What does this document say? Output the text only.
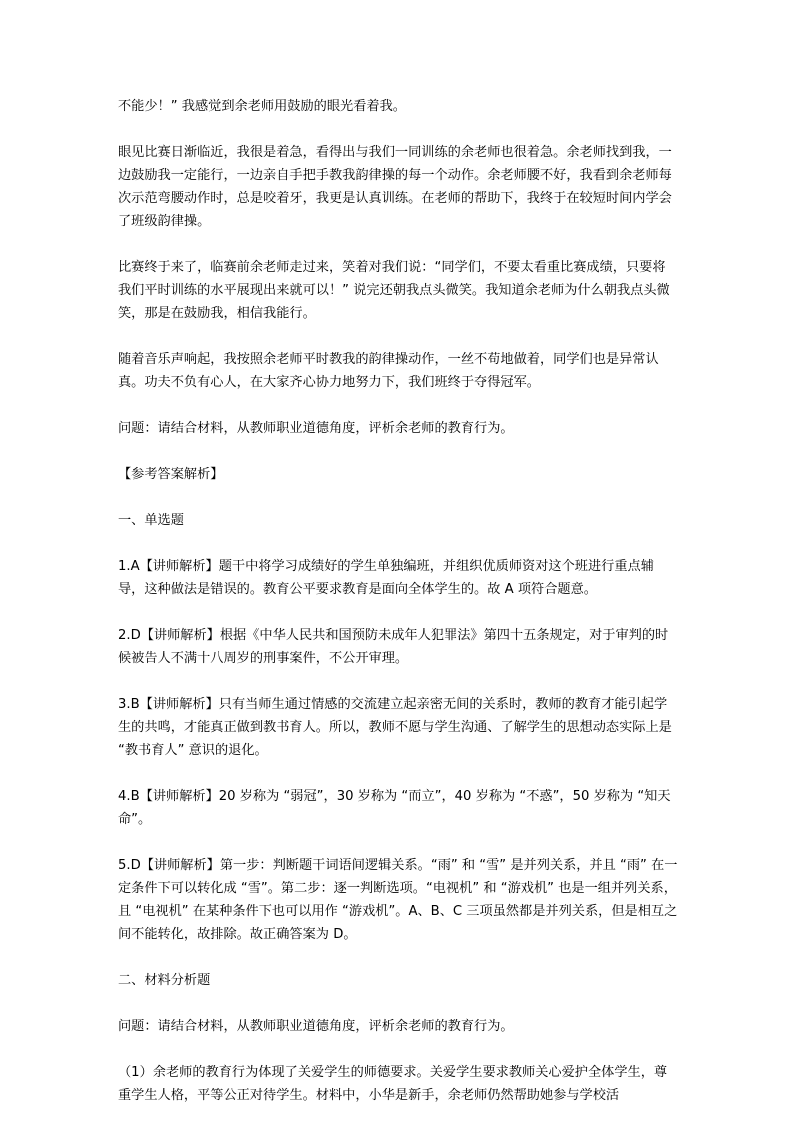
不能少！” 我感觉到余老师用鼓励的眼光看着我。

眼见比赛日渐临近，我很是着急，看得出与我们一同训练的余老师也很着急。余老师找到我，一边鼓励我一定能行，一边亲自手把手教我韵律操的每一个动作。余老师腰不好，我看到余老师每次示范弯腰动作时，总是咬着牙，我更是认真训练。在老师的帮助下，我终于在较短时间内学会了班级韵律操。

比赛终于来了，临赛前余老师走过来，笑着对我们说：“同学们，不要太看重比赛成绩，只要将我们平时训练的水平展现出来就可以！” 说完还朝我点头微笑。我知道余老师为什么朝我点头微笑，那是在鼓励我，相信我能行。

随着音乐声响起，我按照余老师平时教我的韵律操动作，一丝不苟地做着，同学们也是异常认真。功夫不负有心人，在大家齐心协力地努力下，我们班终于夺得冠军。

问题：请结合材料，从教师职业道德角度，评析余老师的教育行为。

【参考答案解析】

一、单选题

1.A【讲师解析】题干中将学习成绩好的学生单独编班，并组织优质师资对这个班进行重点辅导，这种做法是错误的。教育公平要求教育是面向全体学生的。故 A 项符合题意。

2.D【讲师解析】根据《中华人民共和国预防未成年人犯罪法》第四十五条规定，对于审判的时候被告人不满十八周岁的刑事案件，不公开审理。

3.B【讲师解析】只有当师生通过情感的交流建立起亲密无间的关系时，教师的教育才能引起学生的共鸣，才能真正做到教书育人。所以，教师不愿与学生沟通、了解学生的思想动态实际上是 “教书育人” 意识的退化。

4.B【讲师解析】20 岁称为 “弱冠”，30 岁称为 “而立”，40 岁称为 “不惑”，50 岁称为 “知天命”。

5.D【讲师解析】第一步：判断题干词语间逻辑关系。“雨” 和 “雪” 是并列关系，并且 “雨” 在一定条件下可以转化成 “雪”。第二步：逐一判断选项。“电视机” 和 “游戏机” 也是一组并列关系，且 “电视机” 在某种条件下也可以用作 “游戏机”。A、B、C 三项虽然都是并列关系，但是相互之间不能转化，故排除。故正确答案为 D。

二、材料分析题

问题：请结合材料，从教师职业道德角度，评析余老师的教育行为。

（1）余老师的教育行为体现了关爱学生的师德要求。关爱学生要求教师关心爱护全体学生，尊重学生人格，平等公正对待学生。材料中，小华是新手，余老师仍然帮助她参与学校活
